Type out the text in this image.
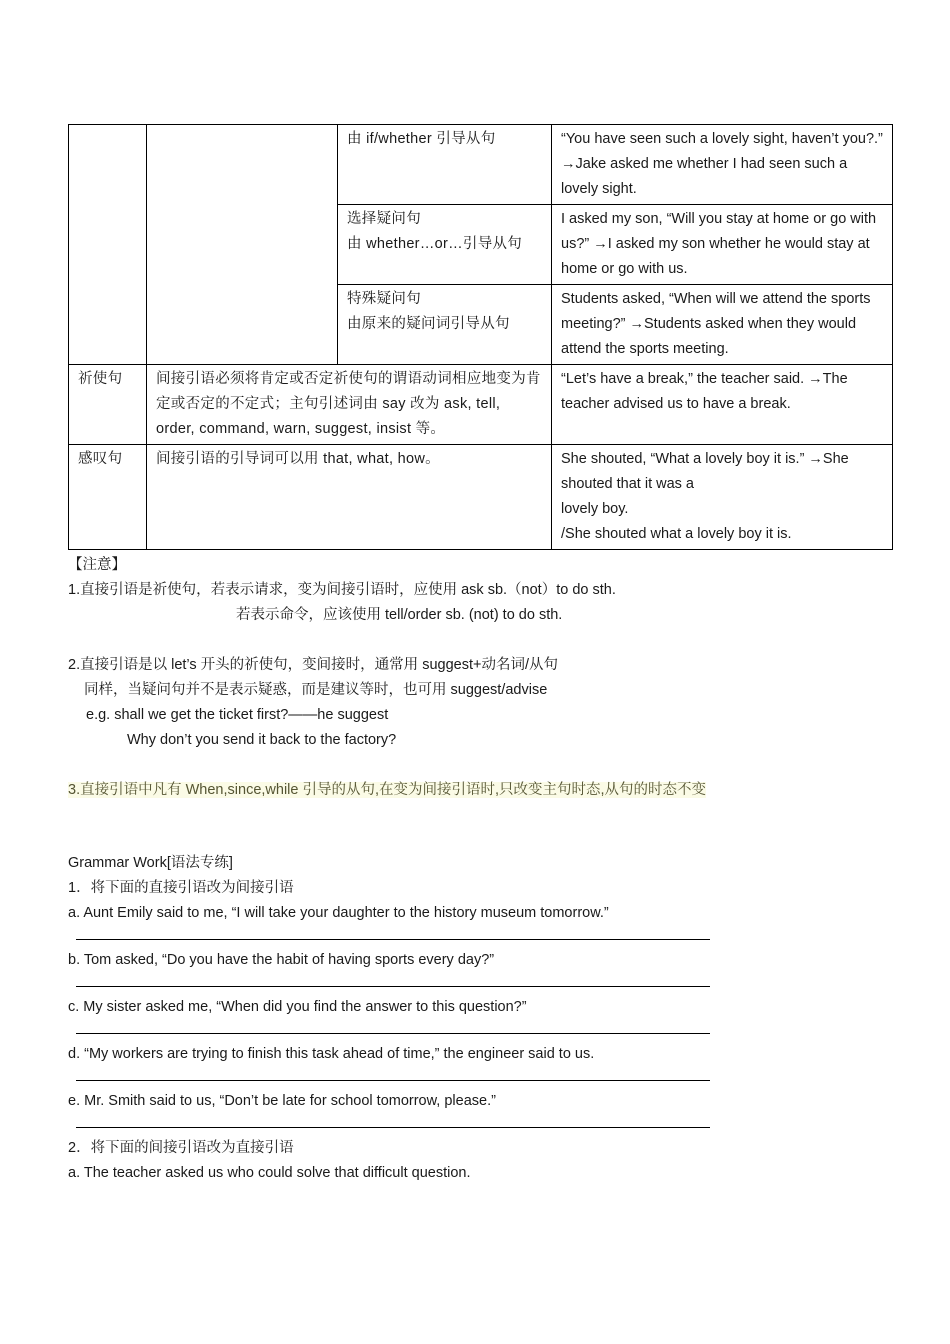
		由 if/whether 引导从句	“You have seen such a lovely sight, haven’t you?.” →Jake asked me whether I had seen such a lovely sight.
		选择疑问句
由 whether…or…引导从句	I asked my son, “Will you stay at home or go with us?” →I asked my son whether he would stay at home or go with us.
		特殊疑问句
由原来的疑问词引导从句	Students asked, “When will we attend the sports meeting?” →Students asked when they would attend the sports meeting.
祈使句	间接引语必须将肯定或否定祈使句的谓语动词相应地变为肯定或否定的不定式；主句引述词由 say 改为 ask, tell, order, command, warn, suggest, insist 等。		“Let’s have a break,” the teacher said. →The teacher advised us to have a break.
感叹句	间接引语的引导词可以用 that, what, how。		She shouted, “What a lovely boy it is.” →She shouted that it was a
lovely boy.
/She shouted what a lovely boy it is.
【注意】
1.直接引语是祈使句，若表示请求，变为间接引语时，应使用 ask sb.（not）to do sth.
若表示命令，应该使用 tell/order sb. (not) to do sth.
2.直接引语是以 let’s 开头的祈使句，变间接时，通常用 suggest+动名词/从句
同样，当疑问句并不是表示疑惑，而是建议等时，也可用 suggest/advise
e.g. shall we get the ticket first?——he suggest
Why don’t you send it back to the factory?
3.直接引语中凡有 When,since,while 引导的从句,在变为间接引语时,只改变主句时态,从句的时态不变
Grammar Work[语法专练]
1．将下面的直接引语改为间接引语
a. Aunt Emily said to me, “I will take your daughter to the history museum tomorrow.”
b. Tom asked, “Do you have the habit of having sports every day?”
c. My sister asked me, “When did you find the answer to this question?”
d. “My workers are trying to finish this task ahead of time,” the engineer said to us.
e. Mr. Smith said to us, “Don’t be late for school tomorrow, please.”
2．将下面的间接引语改为直接引语
a. The teacher asked us who could solve that difficult question.
